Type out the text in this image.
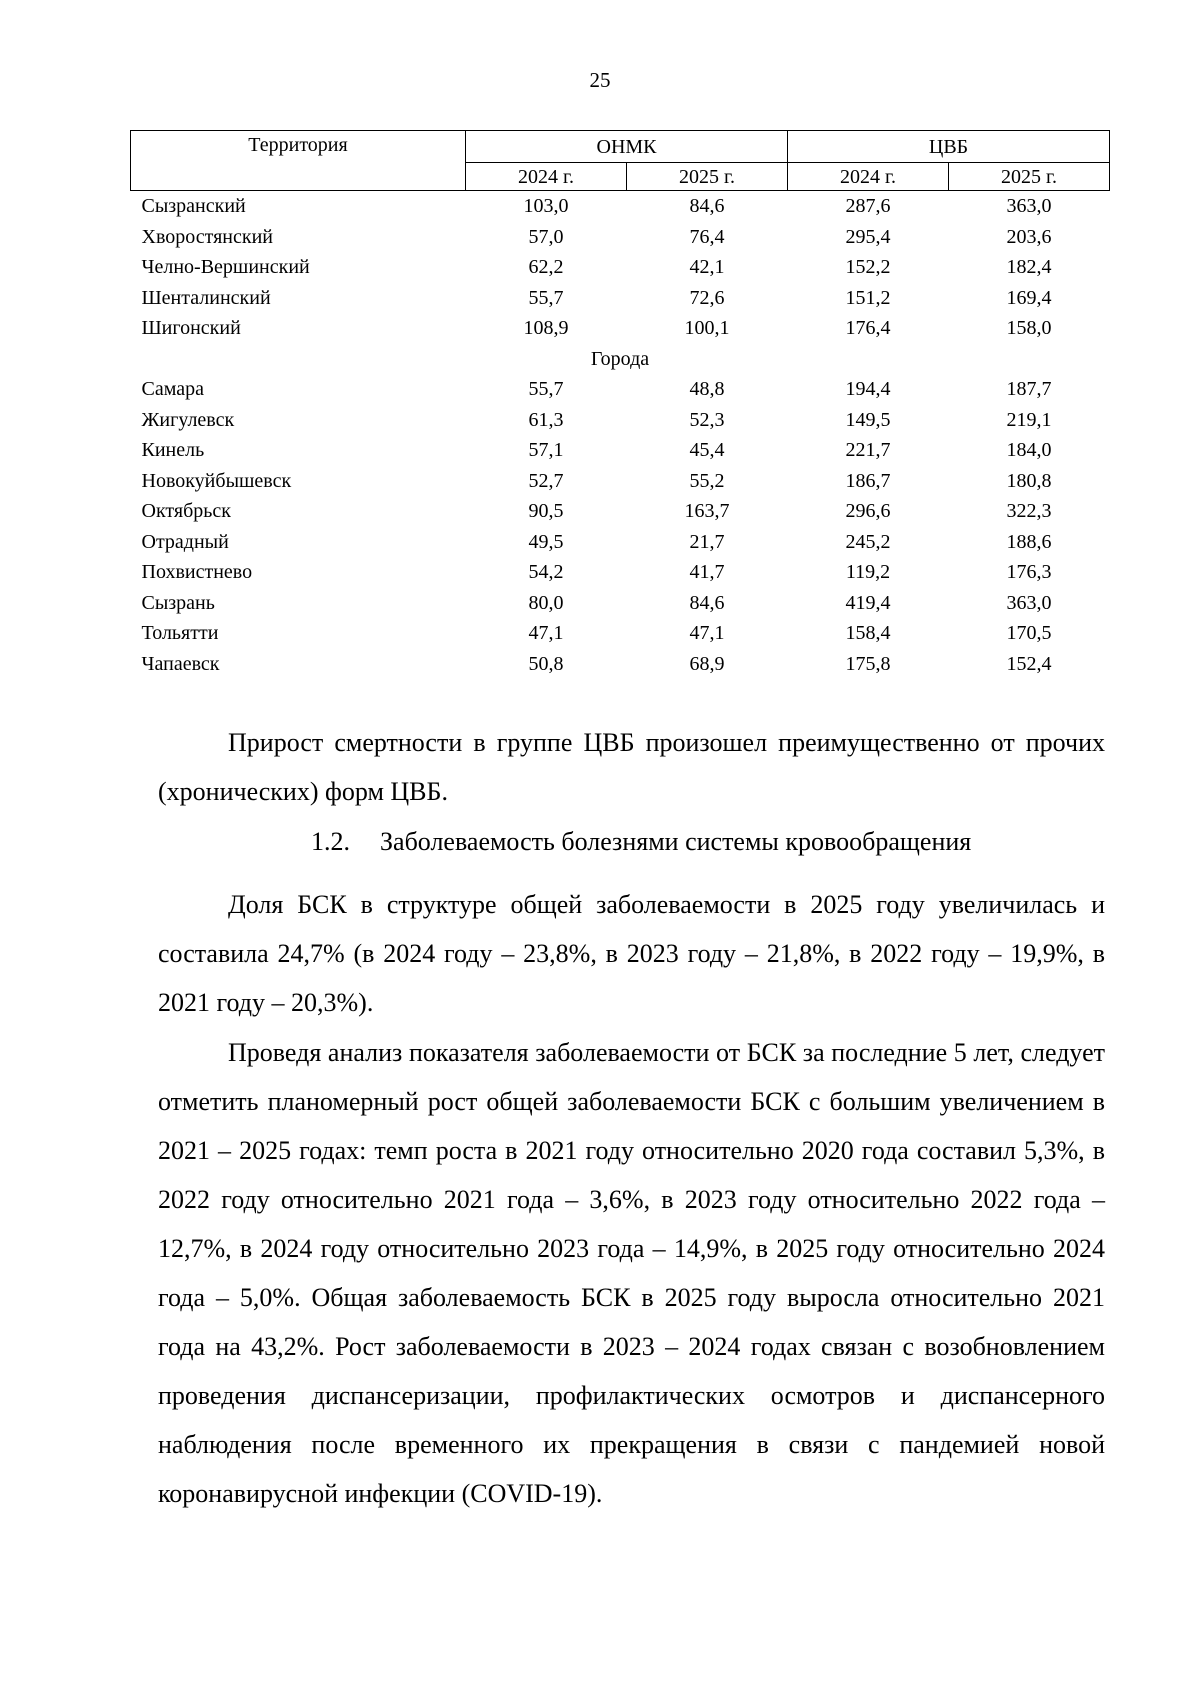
25
Территория	ОНМК		ЦВБ	
	2024 г.	2025 г.	2024 г.	2025 г.
Сызранский	103,0	84,6	287,6	363,0
Хворостянский	57,0	76,4	295,4	203,6
Челно-Вершинский	62,2	42,1	152,2	182,4
Шенталинский	55,7	72,6	151,2	169,4
Шигонский	108,9	100,1	176,4	158,0
Города				
Самара	55,7	48,8	194,4	187,7
Жигулевск	61,3	52,3	149,5	219,1
Кинель	57,1	45,4	221,7	184,0
Новокуйбышевск	52,7	55,2	186,7	180,8
Октябрьск	90,5	163,7	296,6	322,3
Отрадный	49,5	21,7	245,2	188,6
Похвистнево	54,2	41,7	119,2	176,3
Сызрань	80,0	84,6	419,4	363,0
Тольятти	47,1	47,1	158,4	170,5
Чапаевск	50,8	68,9	175,8	152,4

Прирост смертности в группе ЦВБ произошел преимущественно от прочих (хронических) форм ЦВБ.

1.2. Заболеваемость болезнями системы кровообращения

Доля БСК в структуре общей заболеваемости в 2025 году увеличилась и составила 24,7% (в 2024 году – 23,8%, в 2023 году – 21,8%, в 2022 году – 19,9%, в 2021 году – 20,3%).

Проведя анализ показателя заболеваемости от БСК за последние 5 лет, следует отметить планомерный рост общей заболеваемости БСК с большим увеличением в 2021 – 2025 годах: темп роста в 2021 году относительно 2020 года составил 5,3%, в 2022 году относительно 2021 года – 3,6%, в 2023 году относительно 2022 года – 12,7%, в 2024 году относительно 2023 года – 14,9%, в 2025 году относительно 2024 года – 5,0%. Общая заболеваемость БСК в 2025 году выросла относительно 2021 года на 43,2%. Рост заболеваемости в 2023 – 2024 годах связан с возобновлением проведения диспансеризации, профилактических осмотров и диспансерного наблюдения после временного их прекращения в связи с пандемией новой коронавирусной инфекции (COVID-19).
